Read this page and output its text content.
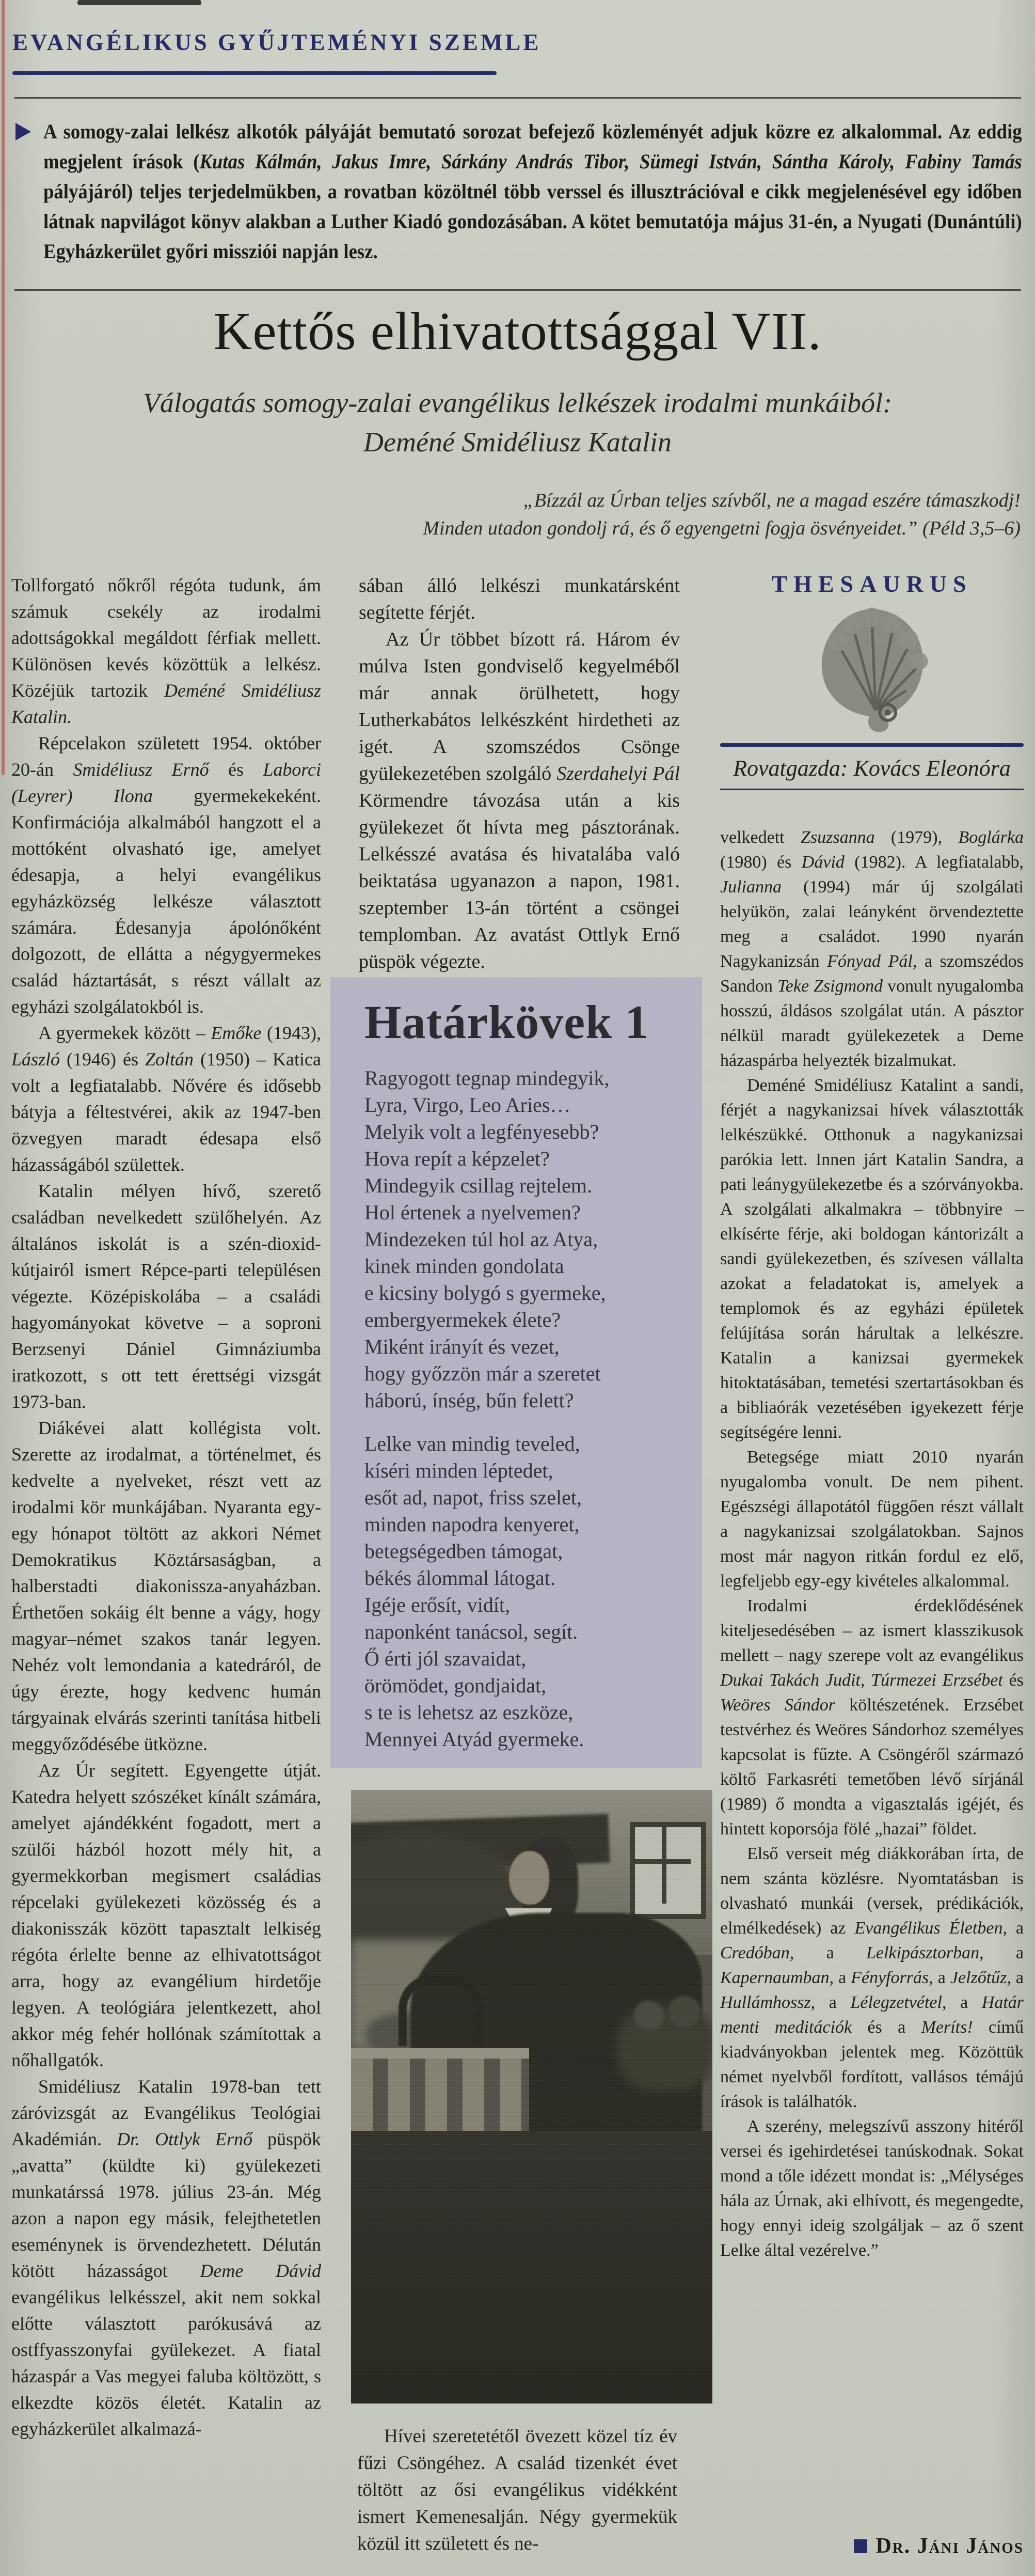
EVANGÉLIKUS GYŰJTEMÉNYI SZEMLE
A somogy-zalai lelkész alkotók pályáját bemutató sorozat befejező közleményét adjuk közre ez alkalommal. Az eddig megjelent írások (Kutas Kálmán, Jakus Imre, Sárkány András Tibor, Sümegi István, Sántha Károly, Fabiny Tamás pályájáról) teljes terjedelmükben, a rovatban közöltnél több verssel és illusztrációval e cikk megjelenésével egy időben látnak napvilágot könyv alakban a Luther Kiadó gondozásában. A kötet bemutatója május 31-én, a Nyugati (Dunántúli) Egyházkerület győri missziói napján lesz.
Kettős elhivatottsággal VII.
Válogatás somogy-zalai evangélikus lelkészek irodalmi munkáiból:
Deméné Smidéliusz Katalin
„Bízzál az Úrban teljes szívből, ne a magad eszére támaszkodj!
Minden utadon gondolj rá, és ő egyengetni fogja ösvényeidet.” (Péld 3,5–6)

Tollforgató nőkről régóta tudunk, ám számuk csekély az irodalmi adottságokkal megáldott férfiak mellett. Különösen kevés közöttük a lelkész. Közéjük tartozik Deméné Smidéliusz Katalin.

Répcelakon született 1954. október 20-án Smidéliusz Ernő és Laborci (Leyrer) Ilona gyermekekeként. Konfirmációja alkalmából hangzott el a mottóként olvasható ige, amelyet édesapja, a helyi evangélikus egyházközség lelkésze választott számára. Édesanyja ápolónőként dolgozott, de ellátta a négygyermekes család háztartását, s részt vállalt az egyházi szolgálatokból is.

A gyermekek között – Emőke (1943), László (1946) és Zoltán (1950) – Katica volt a legfiatalabb. Nővére és idősebb bátyja a féltestvérei, akik az 1947-ben özvegyen maradt édesapa első házasságából születtek.

Katalin mélyen hívő, szerető családban nevelkedett szülőhelyén. Az általános iskolát is a szén-dioxid-kútjairól ismert Répce-parti településen végezte. Középiskolába – a családi hagyományokat követve – a soproni Berzsenyi Dániel Gimnáziumba iratkozott, s ott tett érettségi vizsgát 1973-ban.

Diákévei alatt kollégista volt. Szerette az irodalmat, a történelmet, és kedvelte a nyelveket, részt vett az irodalmi kör munkájában. Nyaranta egy-egy hónapot töltött az akkori Német Demokratikus Köztársaságban, a halberstadti diakonissza-anyaházban. Érthetően sokáig élt benne a vágy, hogy magyar–német szakos tanár legyen. Nehéz volt lemondania a katedráról, de úgy érezte, hogy kedvenc humán tárgyainak elvárás szerinti tanítása hitbeli meggyőződésébe ütközne.

Az Úr segített. Egyengette útját. Katedra helyett szószéket kínált számára, amelyet ajándékként fogadott, mert a szülői házból hozott mély hit, a gyermekkorban megismert családias répcelaki gyülekezeti közösség és a diakonisszák között tapasztalt lelkiség régóta érlelte benne az elhivatottságot arra, hogy az evangélium hirdetője legyen. A teológiára jelentkezett, ahol akkor még fehér hollónak számítottak a nőhallgatók.

Smidéliusz Katalin 1978-ban tett záróvizsgát az Evangélikus Teológiai Akadémián. Dr. Ottlyk Ernő püspök „avatta” (küldte ki) gyülekezeti munkatárssá 1978. július 23-án. Még azon a napon egy másik, felejthetetlen eseménynek is örvendezhetett. Délután kötött házasságot Deme Dávid evangélikus lelkésszel, akit nem sokkal előtte választott parókusává az ostffyasszonyfai gyülekezet. A fiatal házaspár a Vas megyei faluba költözött, s elkezdte közös életét. Katalin az egyházkerület alkalmazá-

sában álló lelkészi munkatársként segítette férjét.

Az Úr többet bízott rá. Három év múlva Isten gondviselő kegyelméből már annak örülhetett, hogy Lutherkabátos lelkészként hirdetheti az igét. A szomszédos Csönge gyülekezetében szolgáló Szerdahelyi Pál Körmendre távozása után a kis gyülekezet őt hívta meg pásztorának. Lelkésszé avatása és hivatalába való beiktatása ugyanazon a napon, 1981. szeptember 13-án történt a csöngei templomban. Az avatást Ottlyk Ernő püspök végezte.

Határkövek 1
Ragyogott tegnap mindegyik,
Lyra, Virgo, Leo Aries…
Melyik volt a legfényesebb?
Hova repít a képzelet?
Mindegyik csillag rejtelem.
Hol értenek a nyelvemen?
Mindezeken túl hol az Atya,
kinek minden gondolata
e kicsiny bolygó s gyermeke,
embergyermekek élete?
Miként irányít és vezet,
hogy győzzön már a szeretet
háború, ínség, bűn felett?
Lelke van mindig teveled,
kíséri minden léptedet,
esőt ad, napot, friss szelet,
minden napodra kenyeret,
betegségedben támogat,
békés álommal látogat.
Igéje erősít, vidít,
naponként tanácsol, segít.
Ő érti jól szavaidat,
örömödet, gondjaidat,
s te is lehetsz az eszköze,
Mennyei Atyád gyermeke.

Hívei szeretetétől övezett közel tíz év fűzi Csöngéhez. A család tizenkét évet töltött az ősi evangélikus vidékként ismert Kemenesalján. Négy gyermekük közül itt született és ne-

THESAURUS
Rovatgazda: Kovács Eleonóra

velkedett Zsuzsanna (1979), Boglárka (1980) és Dávid (1982). A legfiatalabb, Julianna (1994) már új szolgálati helyükön, zalai leányként örvendeztette meg a családot. 1990 nyarán Nagykanizsán Fónyad Pál, a szomszédos Sandon Teke Zsigmond vonult nyugalomba hosszú, áldásos szolgálat után. A pásztor nélkül maradt gyülekezetek a Deme házaspárba helyezték bizalmukat.

Deméné Smidéliusz Katalint a sandi, férjét a nagykanizsai hívek választották lelkészükké. Otthonuk a nagykanizsai parókia lett. Innen járt Katalin Sandra, a pati leánygyülekezetbe és a szórványokba. A szolgálati alkalmakra – többnyire – elkísérte férje, aki boldogan kántorizált a sandi gyülekezetben, és szívesen vállalta azokat a feladatokat is, amelyek a templomok és az egyházi épületek felújítása során hárultak a lelkészre. Katalin a kanizsai gyermekek hitoktatásában, temetési szertartásokban és a bibliaórák vezetésében igyekezett férje segítségére lenni.

Betegsége miatt 2010 nyarán nyugalomba vonult. De nem pihent. Egészségi állapotától függően részt vállalt a nagykanizsai szolgálatokban. Sajnos most már nagyon ritkán fordul ez elő, legfeljebb egy-egy kivételes alkalommal.

Irodalmi érdeklődésének kiteljesedésében – az ismert klasszikusok mellett – nagy szerepe volt az evangélikus Dukai Takách Judit, Túrmezei Erzsébet és Weöres Sándor költészetének. Erzsébet testvérhez és Weöres Sándorhoz személyes kapcsolat is fűzte. A Csöngéről származó költő Farkasréti temetőben lévő sírjánál (1989) ő mondta a vigasztalás igéjét, és hintett koporsója fölé „hazai” földet.

Első verseit még diákkorában írta, de nem szánta közlésre. Nyomtatásban is olvasható munkái (versek, prédikációk, elmélkedések) az Evangélikus Életben, a Credóban, a Lelkipásztorban, a Kapernaumban, a Fényforrás, a Jelzőtűz, a Hullámhossz, a Lélegzetvétel, a Határ menti meditációk és a Meríts! című kiadványokban jelentek meg. Közöttük német nyelvből fordított, vallásos témájú írások is találhatók.

A szerény, melegszívű asszony hitéről versei és igehirdetései tanúskodnak. Sokat mond a tőle idézett mondat is: „Mélységes hála az Úrnak, aki elhívott, és megengedte, hogy ennyi ideig szolgáljak – az ő szent Lelke által vezérelve.”

Dr. Jáni János
